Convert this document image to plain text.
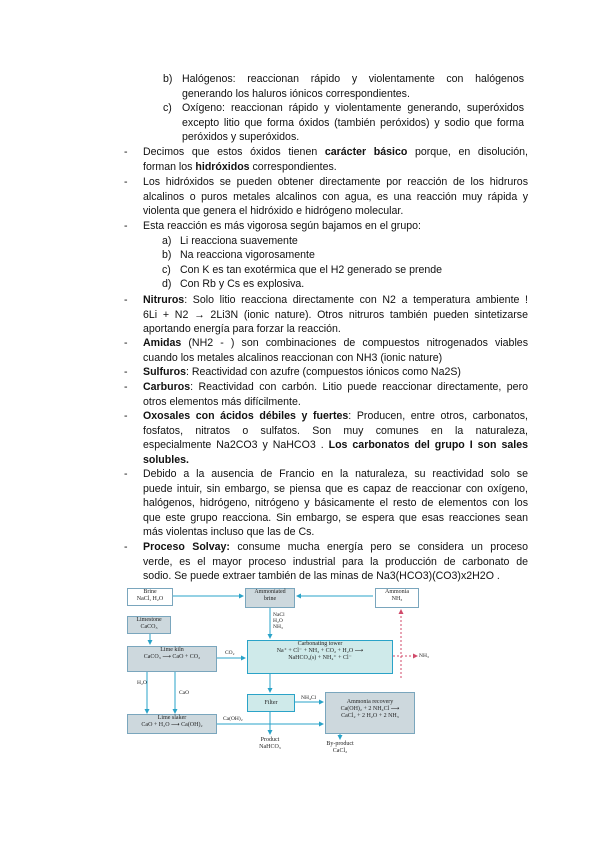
b) Halógenos: reaccionan rápido y violentamente con halógenos
generando los haluros iónicos correspondientes.
c) Oxígeno: reaccionan rápido y violentamente generando, superóxidos
excepto litio que forma óxidos (también peróxidos) y sodio que forma
peróxidos y superóxidos.
- Decimos que estos óxidos tienen carácter básico porque, en disolución,
forman los hidróxidos correspondientes.
- Los hidróxidos se pueden obtener directamente por reacción de los hidruros
alcalinos o puros metales alcalinos con agua, es una reacción muy rápida y
violenta que genera el hidróxido e hidrógeno molecular.
- Esta reacción es más vigorosa según bajamos en el grupo:
a) Li reacciona suavemente
b) Na reacciona vigorosamente
c) Con K es tan exotérmica que el H2 generado se prende
d) Con Rb y Cs es explosiva.
- Nitruros: Solo litio reacciona directamente con N2 a temperatura ambiente !
6Li + N2 → 2Li3N (ionic nature). Otros nitruros también pueden sintetizarse
aportando energía para forzar la reacción.
- Amidas (NH2 - ) son combinaciones de compuestos nitrogenados viables
cuando los metales alcalinos reaccionan con NH3 (ionic nature)
- Sulfuros: Reactividad con azufre (compuestos iónicos como Na2S)
- Carburos: Reactividad con carbón. Litio puede reaccionar directamente, pero
otros elementos más difícilmente.
- Oxosales con ácidos débiles y fuertes: Producen, entre otros, carbonatos,
fosfatos, nitratos o sulfatos. Son muy comunes en la naturaleza,
especialmente Na2CO3 y NaHCO3 . Los carbonatos del grupo I son sales
solubles.
- Debido a la ausencia de Francio en la naturaleza, su reactividad solo se
puede intuir, sin embargo, se piensa que es capaz de reaccionar con oxígeno,
halógenos, hidrógeno, nitrógeno y básicamente el resto de elementos con los
que este grupo reacciona. Sin embargo, se espera que esas reacciones sean
más violentas incluso que las de Cs.
- Proceso Solvay: consume mucha energía pero se considera un proceso
verde, es el mayor proceso industrial para la producción de carbonato de
sodio. Se puede extraer también de las minas de Na3(HCO3)(CO3)x2H2O .
Brine
NaCl, H₂O
Ammoniated
brine
Ammonia
NH₃
NaCl
H₂O
NH₃
Limestone
CaCO₃
Lime kiln
CaCO₃ ⟶ CaO + CO₂
CO₂
Carbonating tower
Na⁺ + Cl⁻ + NH₃ + CO₂ + H₂O ⟶
NaHCO₃(s) + NH₄⁺ + Cl⁻	NH₃
H₂O
CaO
Filter
NH₄Cl
Ammonia recovery
Ca(OH)₂ + 2 NH₄Cl ⟶
CaCl₂ + 2 H₂O + 2 NH₃
Lime slaker
CaO + H₂O ⟶ Ca(OH)₂
Ca(OH)₂
Product
NaHCO₃	By-product
CaCl₂
